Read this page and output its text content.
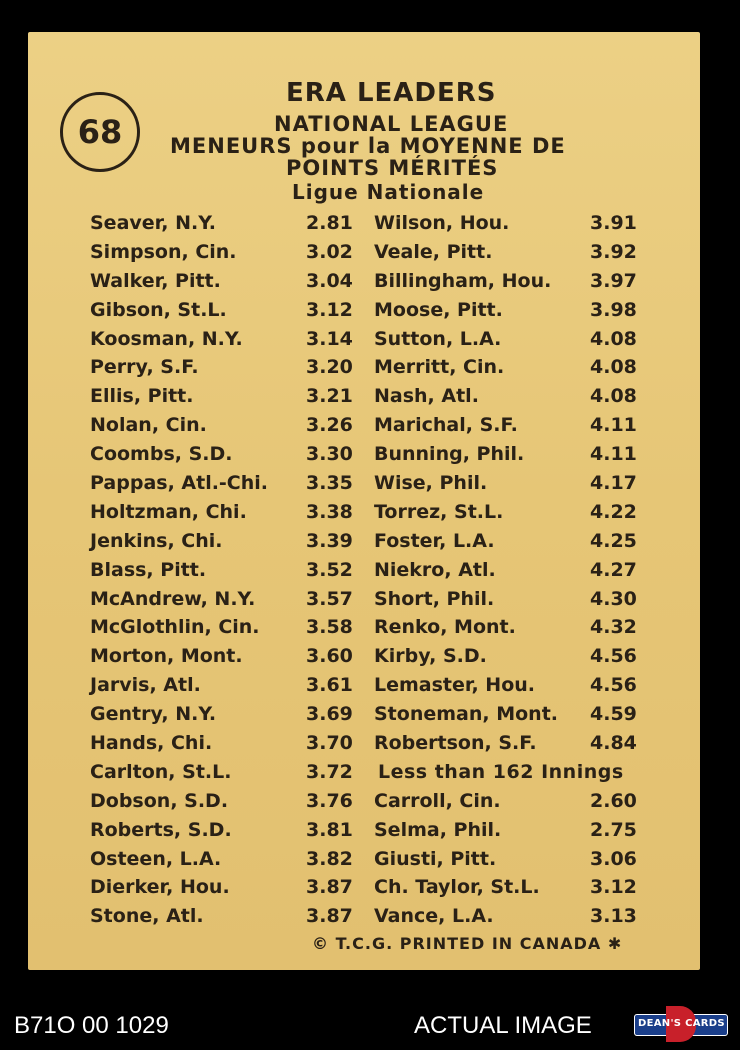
68
ERA LEADERS
NATIONAL LEAGUE
MENEURS pour la MOYENNE DE
POINTS MÉRITÉS
Ligue Nationale
Seaver, N.Y.	2.81 Wilson, Hou.	3.91
Simpson, Cin.	3.02 Veale, Pitt.	3.92
Walker, Pitt.	3.04 Billingham, Hou. 3.97
Gibson, St.L.	3.12 Moose, Pitt.	3.98
Koosman, N.Y.	3.14 Sutton, L.A.	4.08
Perry, S.F.	3.20 Merritt, Cin.	4.08
Ellis, Pitt.	3.21 Nash, Atl.	4.08
Nolan, Cin.	3.26 Marichal, S.F.	4.11
Coombs, S.D.	3.30 Bunning, Phil.	4.11
Pappas, Atl.-Chi. 3.35 Wise, Phil.	4.17
Holtzman, Chi.	3.38 Torrez, St.L.	4.22
Jenkins, Chi.	3.39 Foster, L.A.	4.25
Blass, Pitt.	3.52 Niekro, Atl.	4.27
McAndrew, N.Y.	3.57 Short, Phil.	4.30
McGlothlin, Cin. 3.58 Renko, Mont.	4.32
Morton, Mont.	3.60 Kirby, S.D.	4.56
Jarvis, Atl.	3.61 Lemaster, Hou.	4.56
Gentry, N.Y.	3.69 Stoneman, Mont. 4.59
Hands, Chi.	3.70 Robertson, S.F.	4.84
Carlton, St.L.	3.72 Less than 162 Innings
Dobson, S.D.	3.76 Carroll, Cin.	2.60
Roberts, S.D.	3.81 Selma, Phil.	2.75
Osteen, L.A.	3.82 Giusti, Pitt.	3.06
Dierker, Hou.	3.87 Ch. Taylor, St.L.	3.12
Stone, Atl.	3.87 Vance, L.A.	3.13
© T.C.G. PRINTED IN CANADA ✱
B71O 00 1029	ACTUAL IMAGE	DEAN'S CARDS
